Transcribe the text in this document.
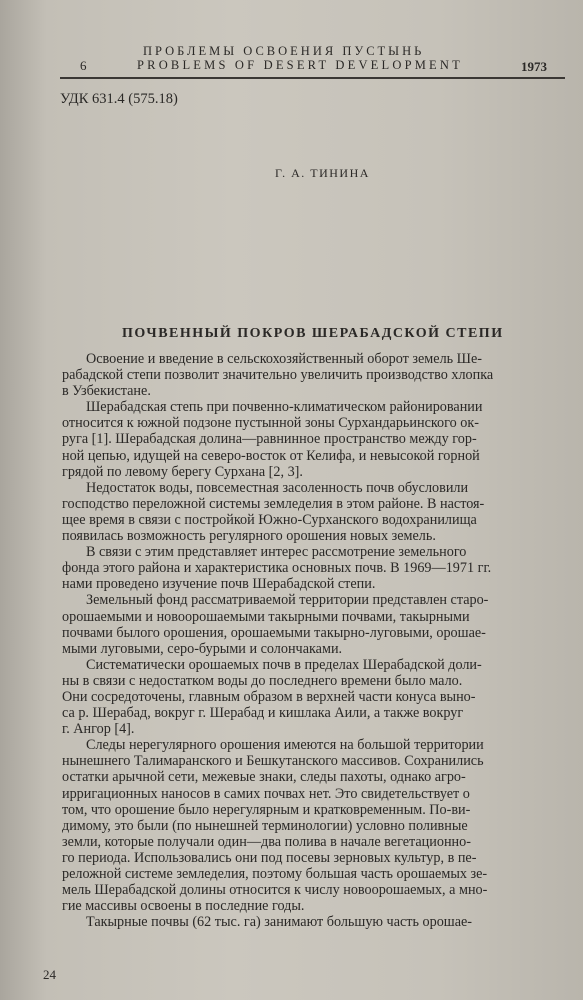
6
ПРОБЛЕМЫ ОСВОЕНИЯ ПУСТЫНЬ
PROBLEMS OF DESERT DEVELOPMENT	1973
УДК 631.4 (575.18)
Г. А. ТИНИНА
ПОЧВЕННЫЙ ПОКРОВ ШЕРАБАДСКОЙ СТЕПИ
Освоение и введение в сельскохозяйственный оборот земель Ше-
рабадской степи позволит значительно увеличить производство хлопка
в Узбекистане.
Шерабадская степь при почвенно-климатическом районировании
относится к южной подзоне пустынной зоны Сурхандарьинского ок-
руга [1]. Шерабадская долина—равнинное пространство между гор-
ной цепью, идущей на северо-восток от Келифа, и невысокой горной
грядой по левому берегу Сурхана [2, 3].
Недостаток воды, повсеместная засоленность почв обусловили
господство переложной системы земледелия в этом районе. В настоя-
щее время в связи с постройкой Южно-Сурханского водохранилища
появилась возможность регулярного орошения новых земель.
В связи с этим представляет интерес рассмотрение земельного
фонда этого района и характеристика основных почв. В 1969—1971 гг.
нами проведено изучение почв Шерабадской степи.
Земельный фонд рассматриваемой территории представлен старо-
орошаемыми и новоорошаемыми такырными почвами, такырными
почвами былого орошения, орошаемыми такырно-луговыми, орошае-
мыми луговыми, серо-бурыми и солончаками.
Систематически орошаемых почв в пределах Шерабадской доли-
ны в связи с недостатком воды до последнего времени было мало.
Они сосредоточены, главным образом в верхней части конуса выно-
са р. Шерабад, вокруг г. Шерабад и кишлака Аили, а также вокруг
г. Ангор [4].
Следы нерегулярного орошения имеются на большой территории
нынешнего Талимаранского и Бешкутанского массивов. Сохранились
остатки арычной сети, межевые знаки, следы пахоты, однако агро-
ирригационных наносов в самих почвах нет. Это свидетельствует о
том, что орошение было нерегулярным и кратковременным. По-ви-
димому, это были (по нынешней терминологии) условно поливные
земли, которые получали один—два полива в начале вегетационно-
го периода. Использовались они под посевы зерновых культур, в пе-
реложной системе земледелия, поэтому большая часть орошаемых зе-
мель Шерабадской долины относится к числу новоорошаемых, а мно-
гие массивы освоены в последние годы.
Такырные почвы (62 тыс. га) занимают большую часть орошае-
24
